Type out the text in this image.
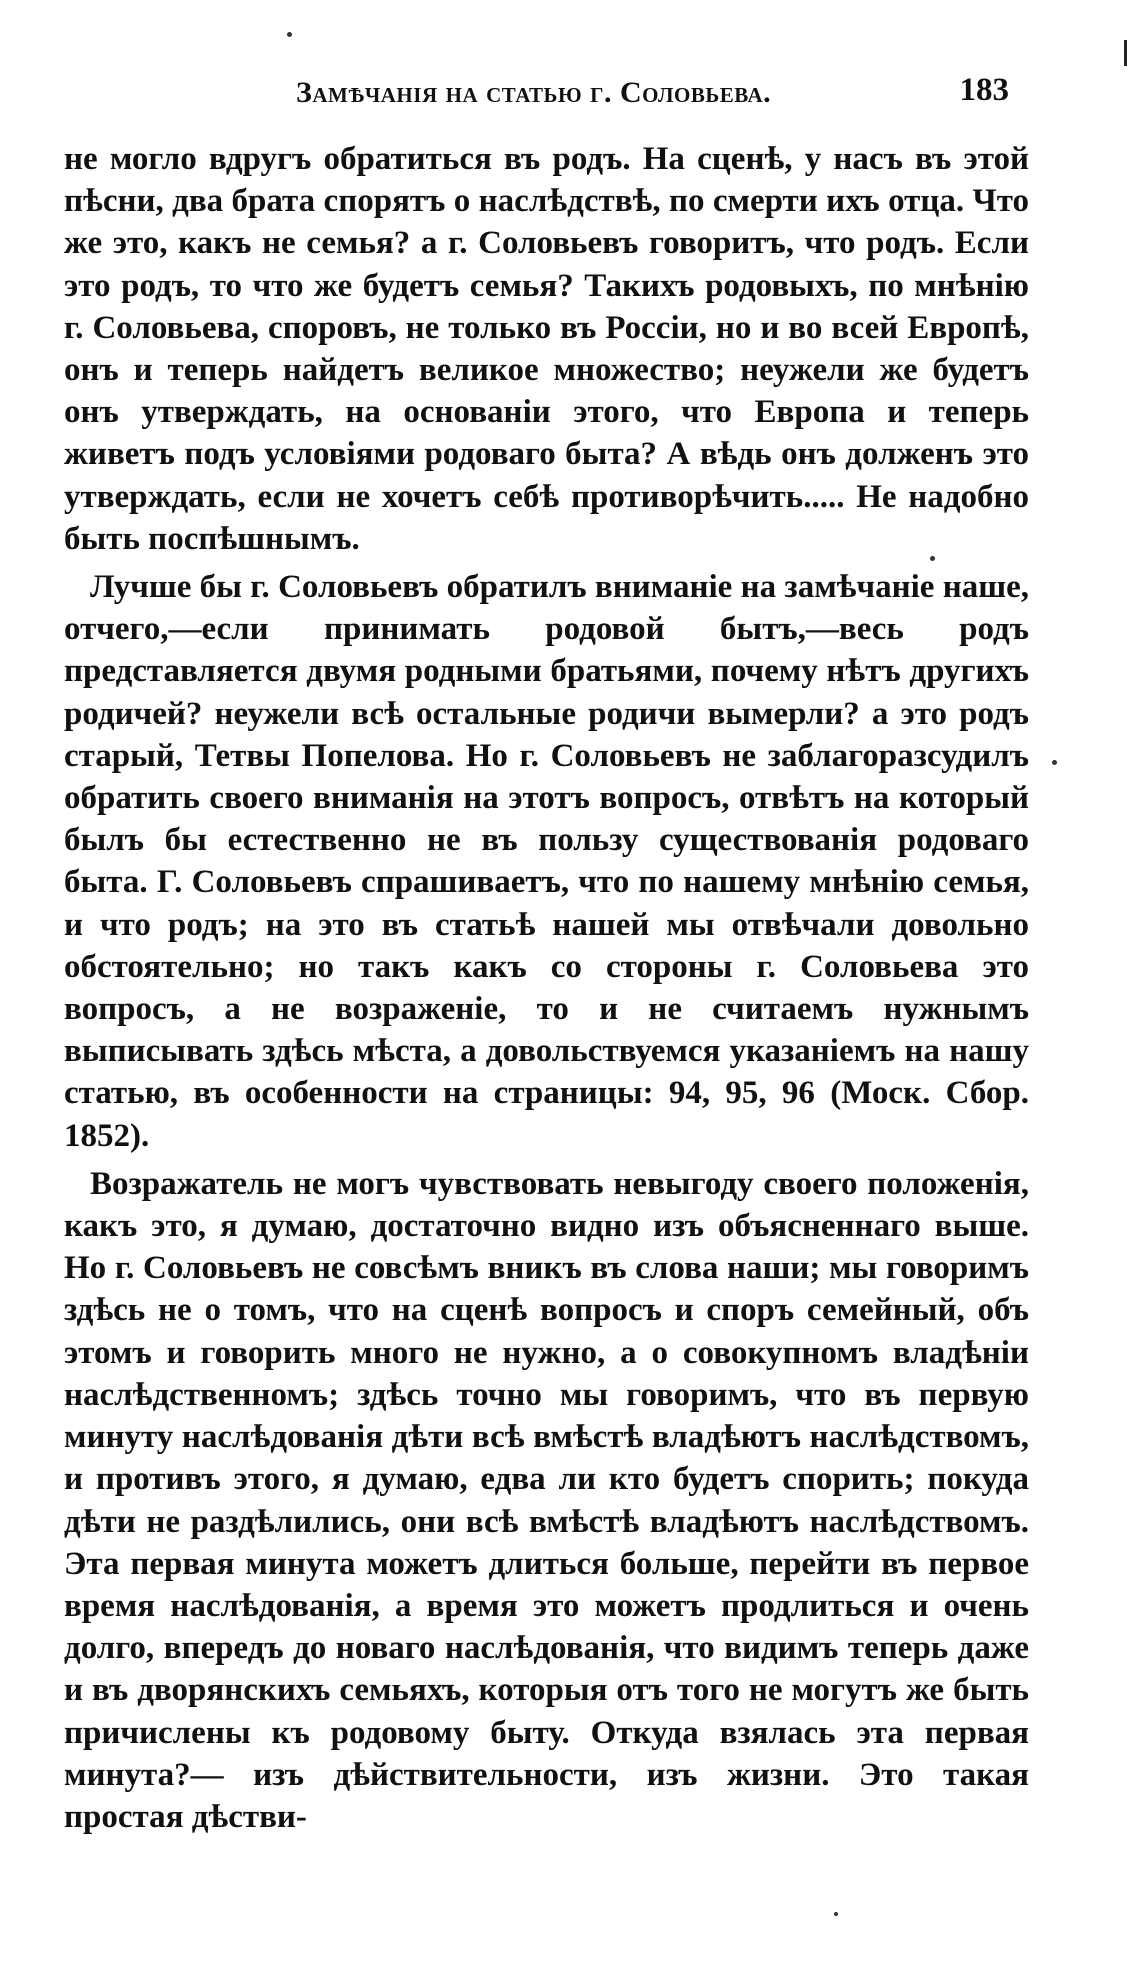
Замѣчанія на статью г. Соловьева.	183

не могло вдругъ обратиться въ родъ. На сценѣ, у насъ въ этой пѣсни, два брата спорятъ о наслѣдствѣ, по смерти ихъ отца. Что же это, какъ не семья? а г. Соловьевъ говоритъ, что родъ. Если это родъ, то что же будетъ семья? Такихъ родовыхъ, по мнѣнію г. Соловьева, споровъ, не только въ Россіи, но и во всей Европѣ, онъ и теперь найдетъ великое множество; неужели же будетъ онъ утверждать, на основаніи этого, что Европа и теперь живетъ подъ условіями родоваго быта? А вѣдь онъ долженъ это утверждать, если не хочетъ себѣ противорѣчить..... Не надобно быть поспѣшнымъ.

Лучше бы г. Соловьевъ обратилъ вниманіе на замѣчаніе наше, отчего,—если принимать родовой бытъ,—весь родъ представляется двумя родными братьями, почему нѣтъ другихъ родичей? неужели всѣ остальные родичи вымерли? а это родъ старый, Тетвы Попелова. Но г. Соловьевъ не заблагоразсудилъ обратить своего вниманія на этотъ вопросъ, отвѣтъ на который былъ бы естественно не въ пользу существованія родоваго быта. Г. Соловьевъ спрашиваетъ, что по нашему мнѣнію семья, и что родъ; на это въ статьѣ нашей мы отвѣчали довольно обстоятельно; но такъ какъ со стороны г. Соловьева это вопросъ, а не возраженіе, то и не считаемъ нужнымъ выписывать здѣсь мѣста, а довольствуемся указаніемъ на нашу статью, въ особенности на страницы: 94, 95, 96 (Моск. Сбор. 1852).

Возражатель не могъ чувствовать невыгоду своего положенія, какъ это, я думаю, достаточно видно изъ объясненнаго выше. Но г. Соловьевъ не совсѣмъ вникъ въ слова наши; мы говоримъ здѣсь не о томъ, что на сценѣ вопросъ и споръ семейный, объ этомъ и говорить много не нужно, а о совокупномъ владѣніи наслѣдственномъ; здѣсь точно мы говоримъ, что въ первую минуту наслѣдованія дѣти всѣ вмѣстѣ владѣютъ наслѣдствомъ, и противъ этого, я думаю, едва ли кто будетъ спорить; покуда дѣти не раздѣлились, они всѣ вмѣстѣ владѣютъ наслѣдствомъ. Эта первая минута можетъ длиться больше, перейти въ первое время наслѣдованія, а время это можетъ продлиться и очень долго, впередъ до новаго наслѣдованія, что видимъ теперь даже и въ дворянскихъ семьяхъ, которыя отъ того не могутъ же быть причислены къ родовому быту. Откуда взялась эта первая минута?— изъ дѣйствительности, изъ жизни. Это такая простая дѣстви-
